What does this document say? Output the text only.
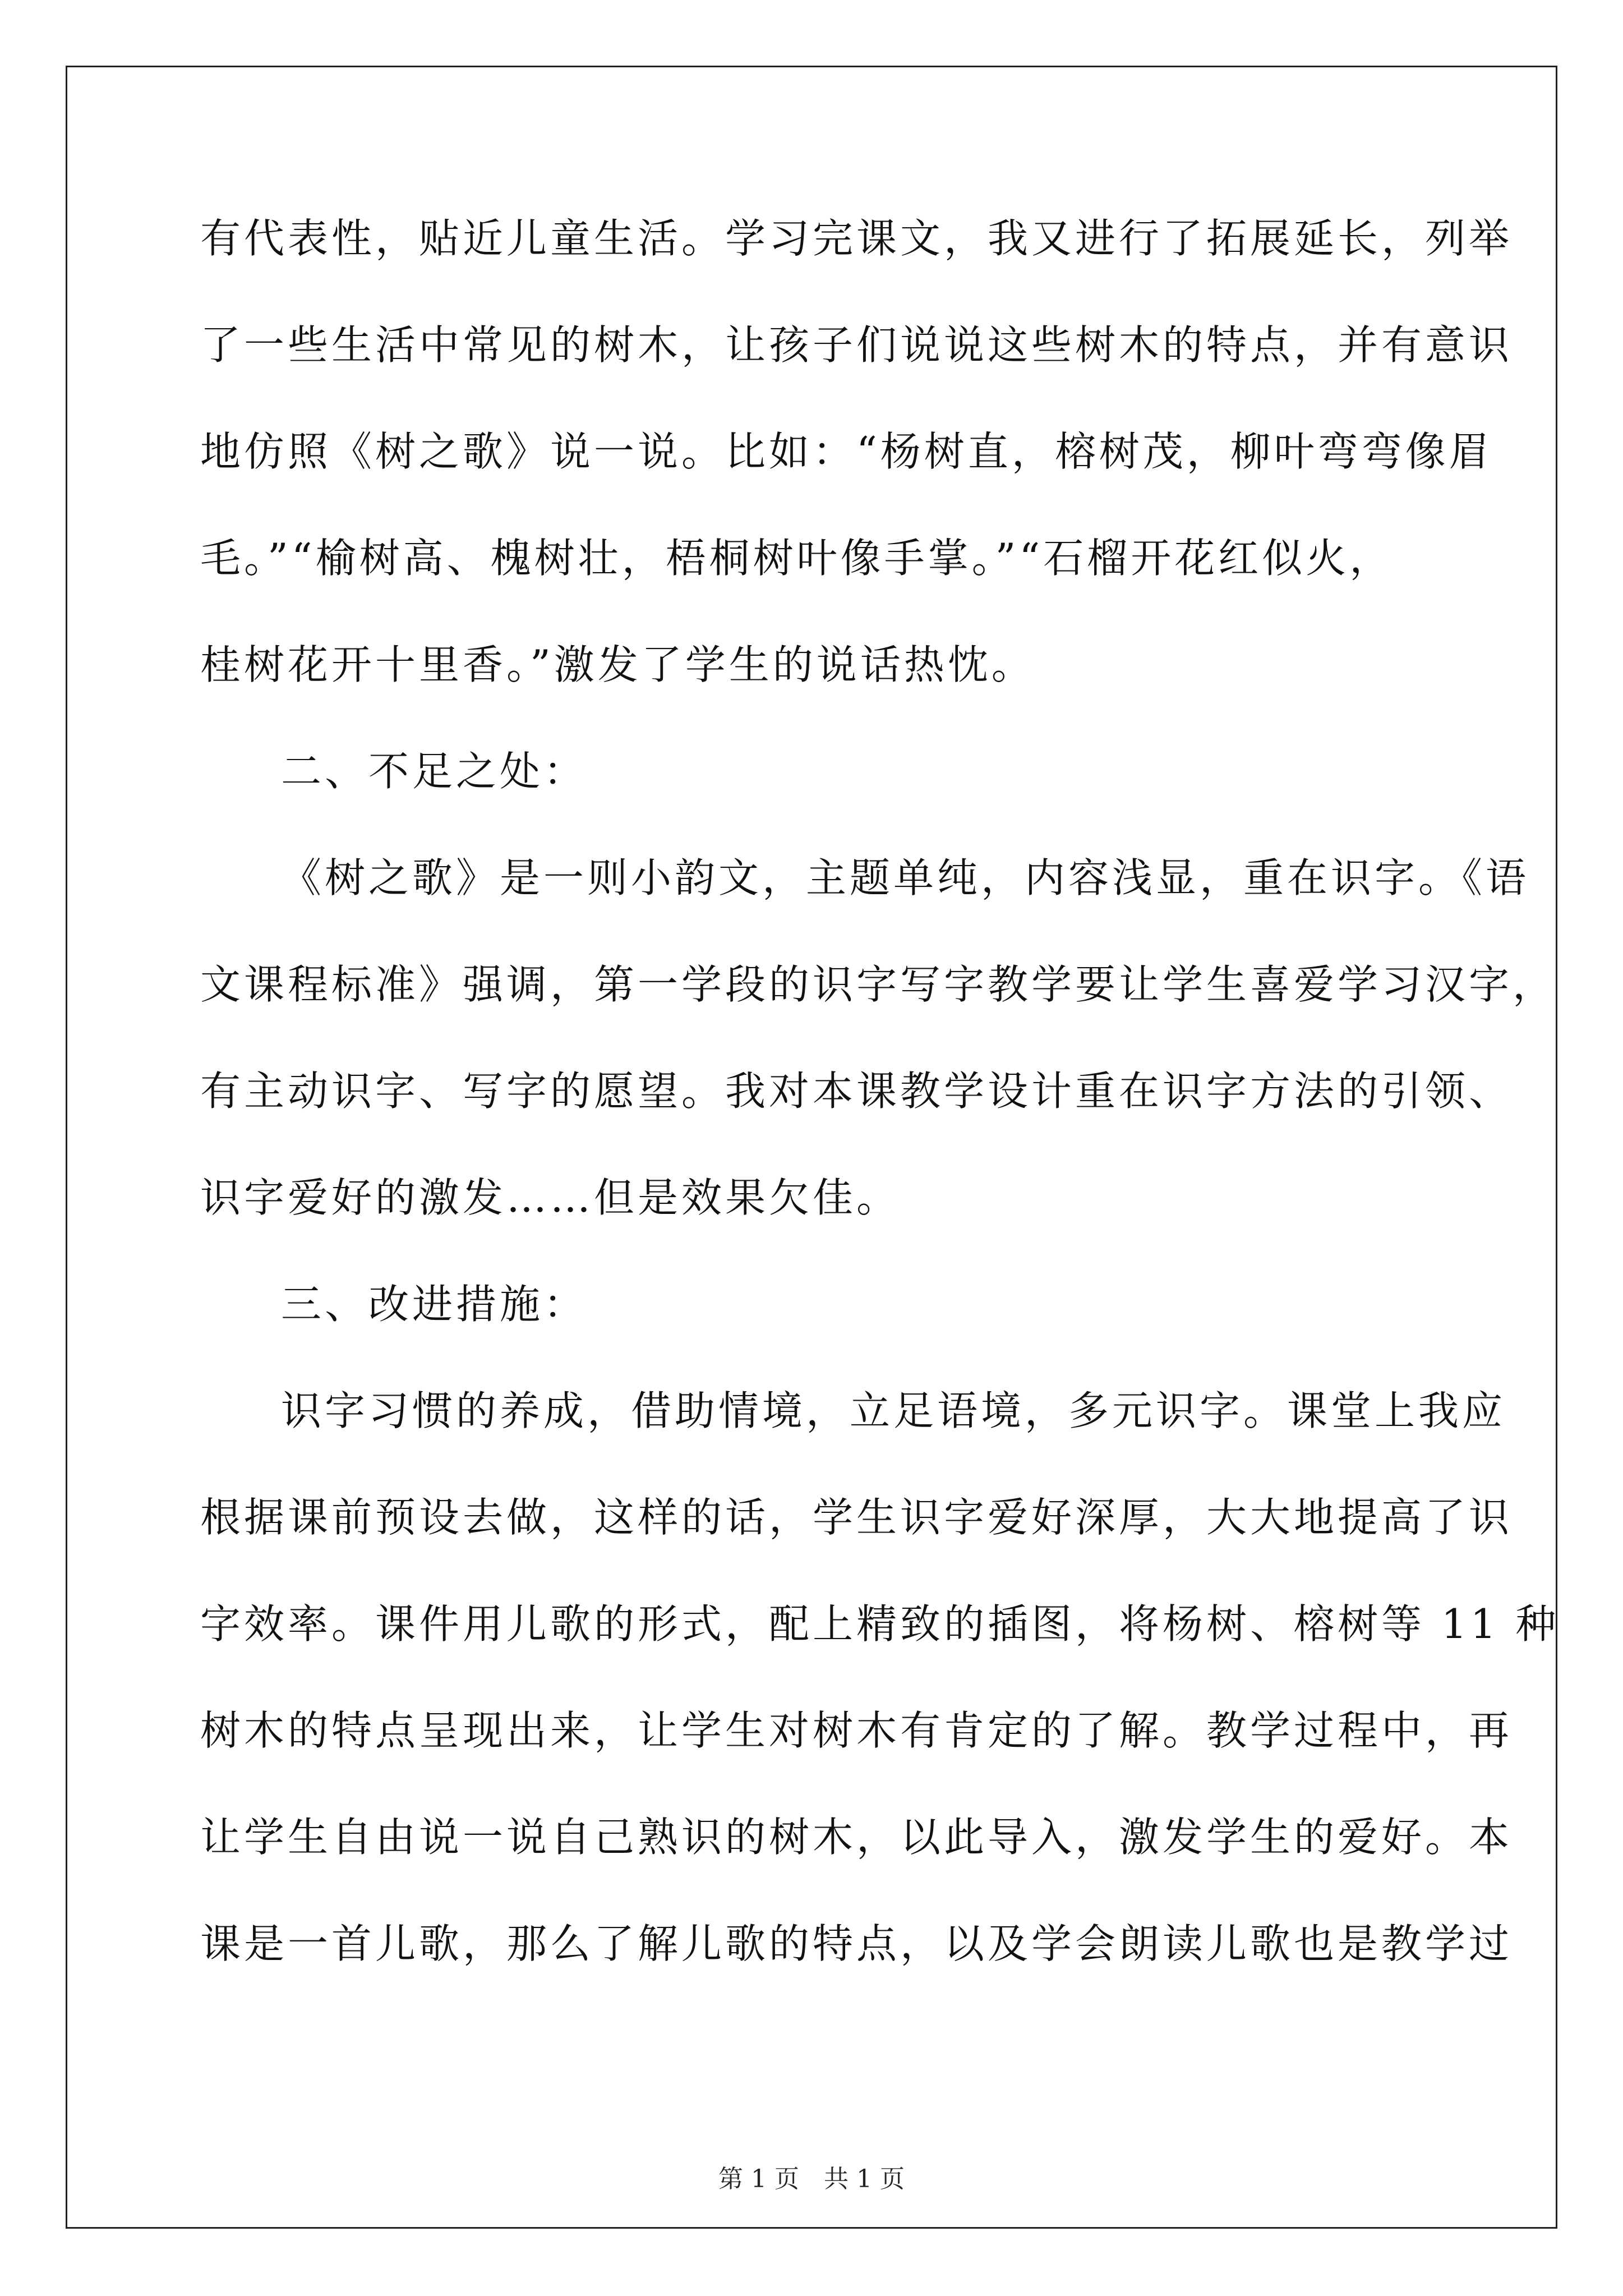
有代表性，贴近儿童生活。学习完课文，我又进行了拓展延长，列举
了一些生活中常见的树木，让孩子们说说这些树木的特点，并有意识
地仿照《树之歌》说一说。比如：“杨树直，榕树茂，柳叶弯弯像眉
毛。”“榆树高、槐树壮，梧桐树叶像手掌。”“石榴开花红似火，
桂树花开十里香。”激发了学生的说话热忱。
二、不足之处：
《树之歌》是一则小韵文，主题单纯，内容浅显，重在识字。《语
文课程标准》强调，第一学段的识字写字教学要让学生喜爱学习汉字，
有主动识字、写字的愿望。我对本课教学设计重在识字方法的引领、
识字爱好的激发……但是效果欠佳。
三、改进措施：
识字习惯的养成，借助情境，立足语境，多元识字。课堂上我应
根据课前预设去做，这样的话，学生识字爱好深厚，大大地提高了识
字效率。课件用儿歌的形式，配上精致的插图，将杨树、榕树等 11 种
树木的特点呈现出来，让学生对树木有肯定的了解。教学过程中，再
让学生自由说一说自己熟识的树木，以此导入，激发学生的爱好。本
课是一首儿歌，那么了解儿歌的特点，以及学会朗读儿歌也是教学过
第 1 页　共 1 页
